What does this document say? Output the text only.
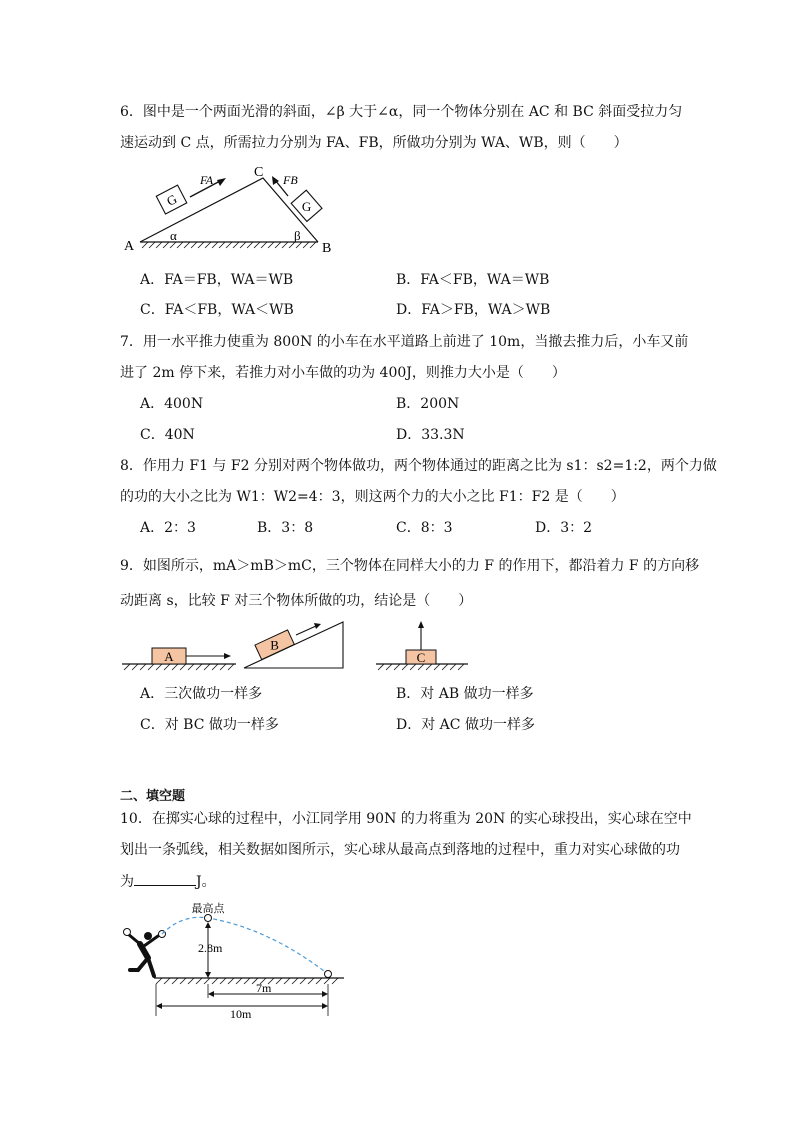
6．图中是一个两面光滑的斜面，∠β 大于∠α，同一个物体分别在 AC 和 BC 斜面受拉力匀
速运动到 C 点，所需拉力分别为 FA、FB，所做功分别为 WA、WB，则（　　）
G
FA
G
FB
A	B
C
α	β
A．FA＝FB，WA＝WB	B．FA＜FB，WA＝WB
C．FA＜FB，WA＜WB	D．FA＞FB，WA＞WB
7．用一水平推力使重为 800N 的小车在水平道路上前进了 10m，当撤去推力后，小车又前
进了 2m 停下来，若推力对小车做的功为 400J，则推力大小是（　　）
A．400N	B．200N
C．40N	D．33.3N
8．作用力 F1 与 F2 分别对两个物体做功，两个物体通过的距离之比为 s1：s2=1:2，两个力做
的功的大小之比为 W1：W2=4：3，则这两个力的大小之比 F1：F2 是（　　）
A．2：3	B．3：8	C．8：3	D．3：2
9．如图所示，mA＞mB＞mC，三个物体在同样大小的力 F 的作用下，都沿着力 F 的方向移
动距离 s，比较 F 对三个物体所做的功，结论是（　　）
A
B
C
A．三次做功一样多	B．对 AB 做功一样多
C．对 BC 做功一样多	D．对 AC 做功一样多
二、填空题
10．在掷实心球的过程中，小江同学用 90N 的力将重为 20N 的实心球投出，实心球在空中
划出一条弧线，相关数据如图所示，实心球从最高点到落地的过程中，重力对实心球做的功
为	J。
最高点
2.8m
7m
10m
